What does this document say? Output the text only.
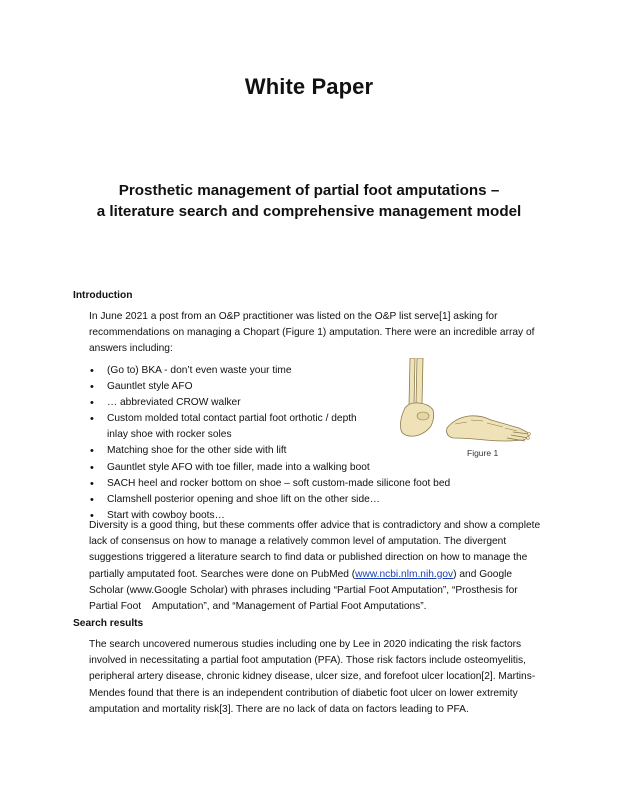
White Paper
Prosthetic management of partial foot amputations –
a literature search and comprehensive management model
Introduction
In June 2021 a post from an O&P practitioner was listed on the O&P list serve[1] asking for recommendations on managing a Chopart (Figure 1) amputation. There were an incredible array of answers including:
• (Go to) BKA - don’t even waste your time
• Gauntlet style AFO
• … abbreviated CROW walker
• Custom molded total contact partial foot orthotic / depth
inlay shoe with rocker soles
• Matching shoe for the other side with lift
• Gauntlet style AFO with toe filler, made into a walking boot
• SACH heel and rocker bottom on shoe – soft custom-made silicone foot bed
• Clamshell posterior opening and shoe lift on the other side…
• Start with cowboy boots…
Figure 1
Diversity is a good thing, but these comments offer advice that is contradictory and show a complete lack of consensus on how to manage a relatively common level of amputation. The divergent suggestions triggered a literature search to find data or published direction on how to manage the partially amputated foot. Searches were done on PubMed (www.ncbi.nlm.nih.gov) and Google Scholar (www.Google Scholar) with phrases including “Partial Foot Amputation”, “Prosthesis for Partial Foot    Amputation”, and “Management of Partial Foot Amputations”.
Search results
The search uncovered numerous studies including one by Lee in 2020 indicating the risk factors involved in necessitating a partial foot amputation (PFA). Those risk factors include osteomyelitis, peripheral artery disease, chronic kidney disease, ulcer size, and forefoot ulcer location[2]. Martins-Mendes found that there is an independent contribution of diabetic foot ulcer on lower extremity amputation and mortality risk[3]. There are no lack of data on factors leading to PFA.
